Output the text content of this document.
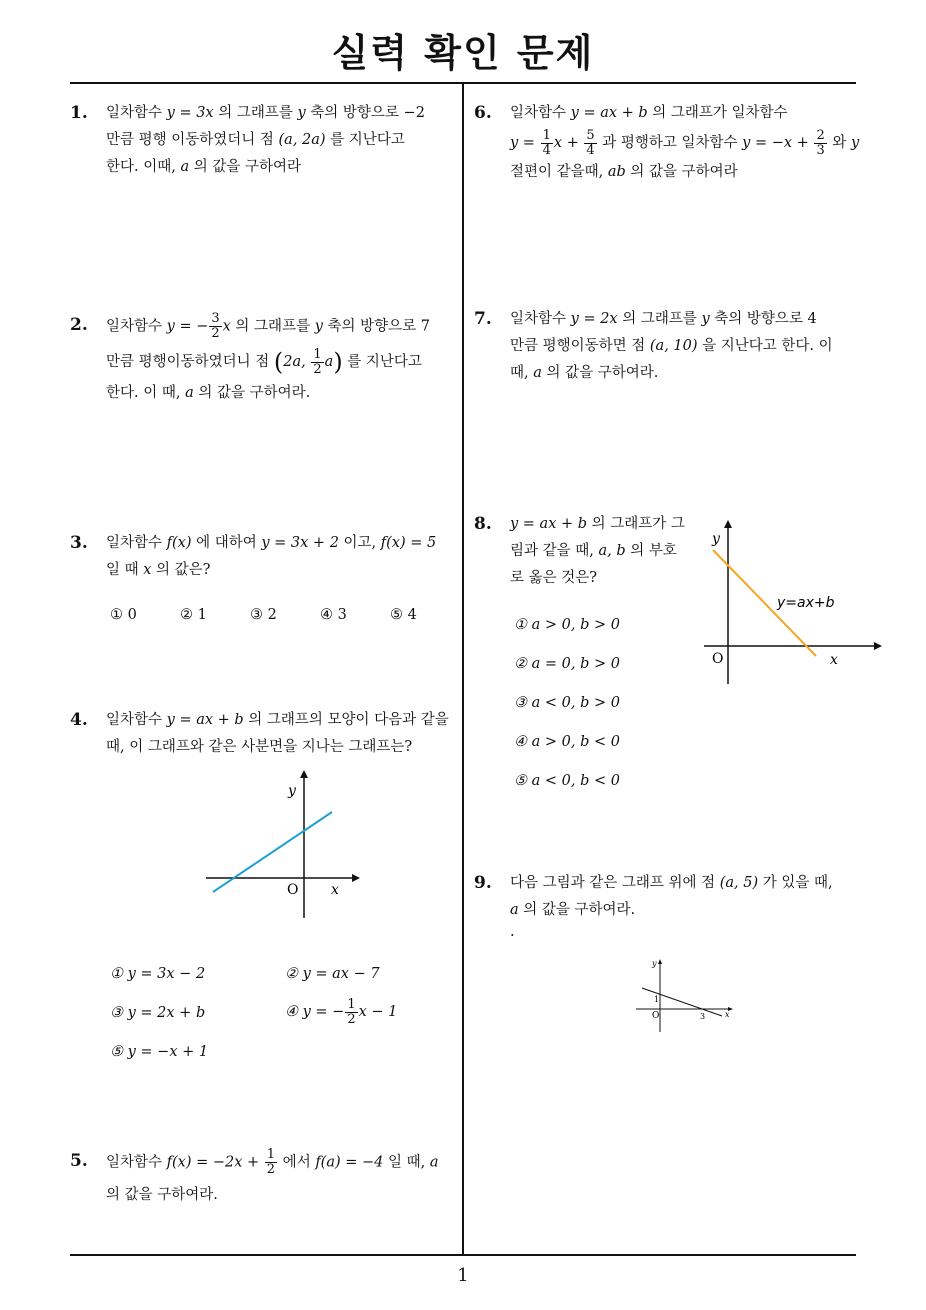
실력 확인 문제
1
1. 일차함수 y = 3x 의 그래프를 y 축의 방향으로 −2
만큼 평행 이동하였더니 점 (a, 2a) 를 지난다고
한다. 이때, a 의 값을 구하여라
2. 일차함수 y = − $\frac{3}{2}$ x 의 그래프를 y 축의 방향으로 7
만큼 평행이동하였더니 점 (2a, $\frac{1}{2} a$) 를 지난다고
한다. 이 때, a 의 값을 구하여라.
3. 일차함수 f(x) 에 대하여 y = 3x + 2 이고, f(x) = 5
일 때 x 의 값은?
① 0	② 1	③ 2	④ 3	⑤ 4
4. 일차함수 y = ax + b 의 그래프의 모양이 다음과 같을
때, 이 그래프와 같은 사분면을 지나는 그래프는?
y
x
O
① y = 3x − 2	② y = ax − 7
③ y = 2x + b	④ y = − $\frac{1}{2}$ x − 1
⑤ y = −x + 1
5. 일차함수 $f(x) = -2x + \frac{1}{2}$ 에서 f(a) = −4 일 때, a
의 값을 구하여라.
6. 일차함수 y = ax + b 의 그래프가 일차함수
$y = \frac{1}{4}$ $x + \frac{5}{4}$ 과 평행하고 일차함수 $y = -x + \frac{2}{3}$ 와 y
절편이 같을때, ab 의 값을 구하여라
7. 일차함수 y = 2x 의 그래프를 y 축의 방향으로 4
만큼 평행이동하면 점 (a, 10) 을 지난다고 한다. 이
때, a 의 값을 구하여라.
8. y = ax + b 의 그래프가 그
림과 같을 때, a, b 의 부호
로 옳은 것은?
y
x
O
y=ax+b
① a > 0, b > 0
② a = 0, b > 0
③ a < 0, b > 0
④ a > 0, b < 0
⑤ a < 0, b < 0
9. 다음 그림과 같은 그래프 위에 점 (a, 5) 가 있을 때,
a 의 값을 구하여라.
.
y
x
O
1
3
